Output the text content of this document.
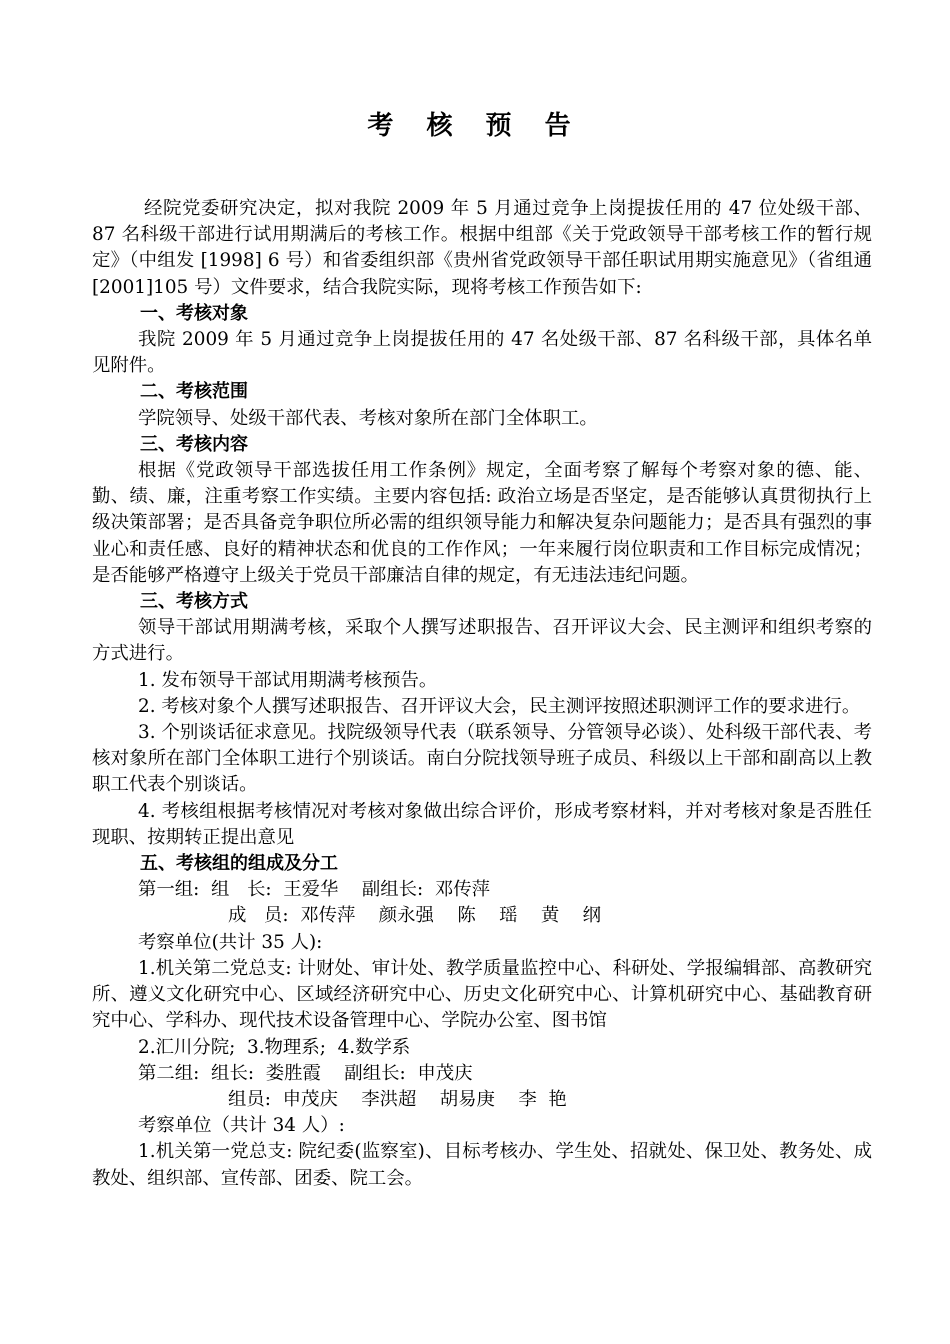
考 核 预 告

经院党委研究决定，拟对我院 2009 年 5 月通过竞争上岗提拔任用的 47 位处级干部、87 名科级干部进行试用期满后的考核工作。根据中组部《关于党政领导干部考核工作的暂行规定》（中组发 [1998] 6 号）和省委组织部《贵州省党政领导干部任职试用期实施意见》（省组通[2001]105 号）文件要求，结合我院实际，现将考核工作预告如下:

一、考核对象

我院 2009 年 5 月通过竞争上岗提拔任用的 47 名处级干部、87 名科级干部，具体名单见附件。

二、考核范围

学院领导、处级干部代表、考核对象所在部门全体职工。

三、考核内容

根据《党政领导干部选拔任用工作条例》规定，全面考察了解每个考察对象的德、能、勤、绩、廉，注重考察工作实绩。主要内容包括: 政治立场是否坚定，是否能够认真贯彻执行上级决策部署；是否具备竞争职位所必需的组织领导能力和解决复杂问题能力；是否具有强烈的事业心和责任感、良好的精神状态和优良的工作作风；一年来履行岗位职责和工作目标完成情况；是否能够严格遵守上级关于党员干部廉洁自律的规定，有无违法违纪问题。

三、考核方式

领导干部试用期满考核，采取个人撰写述职报告、召开评议大会、民主测评和组织考察的方式进行。

1. 发布领导干部试用期满考核预告。

2. 考核对象个人撰写述职报告、召开评议大会，民主测评按照述职测评工作的要求进行。

3. 个别谈话征求意见。找院级领导代表（联系领导、分管领导必谈）、处科级干部代表、考核对象所在部门全体职工进行个别谈话。南白分院找领导班子成员、科级以上干部和副高以上教职工代表个别谈话。

4. 考核组根据考核情况对考核对象做出综合评价，形成考察材料，并对考核对象是否胜任现职、按期转正提出意见

五、考核组的组成及分工

第一组:  组   长:  王爱华    副组长:  邓传萍

成   员:  邓传萍    颜永强    陈    瑶    黄    纲

考察单位(共计 35 人):

1.机关第二党总支: 计财处、审计处、教学质量监控中心、科研处、学报编辑部、高教研究所、遵义文化研究中心、区域经济研究中心、历史文化研究中心、计算机研究中心、基础教育研究中心、学科办、现代技术设备管理中心、学院办公室、图书馆

2.汇川分院;  3.物理系;  4.数学系

第二组:  组长:  娄胜霞    副组长:  申茂庆

组员:  申茂庆    李洪超    胡易庚    李  艳

考察单位（共计 34 人）:

1.机关第一党总支: 院纪委(监察室)、目标考核办、学生处、招就处、保卫处、教务处、成教处、组织部、宣传部、团委、院工会。
